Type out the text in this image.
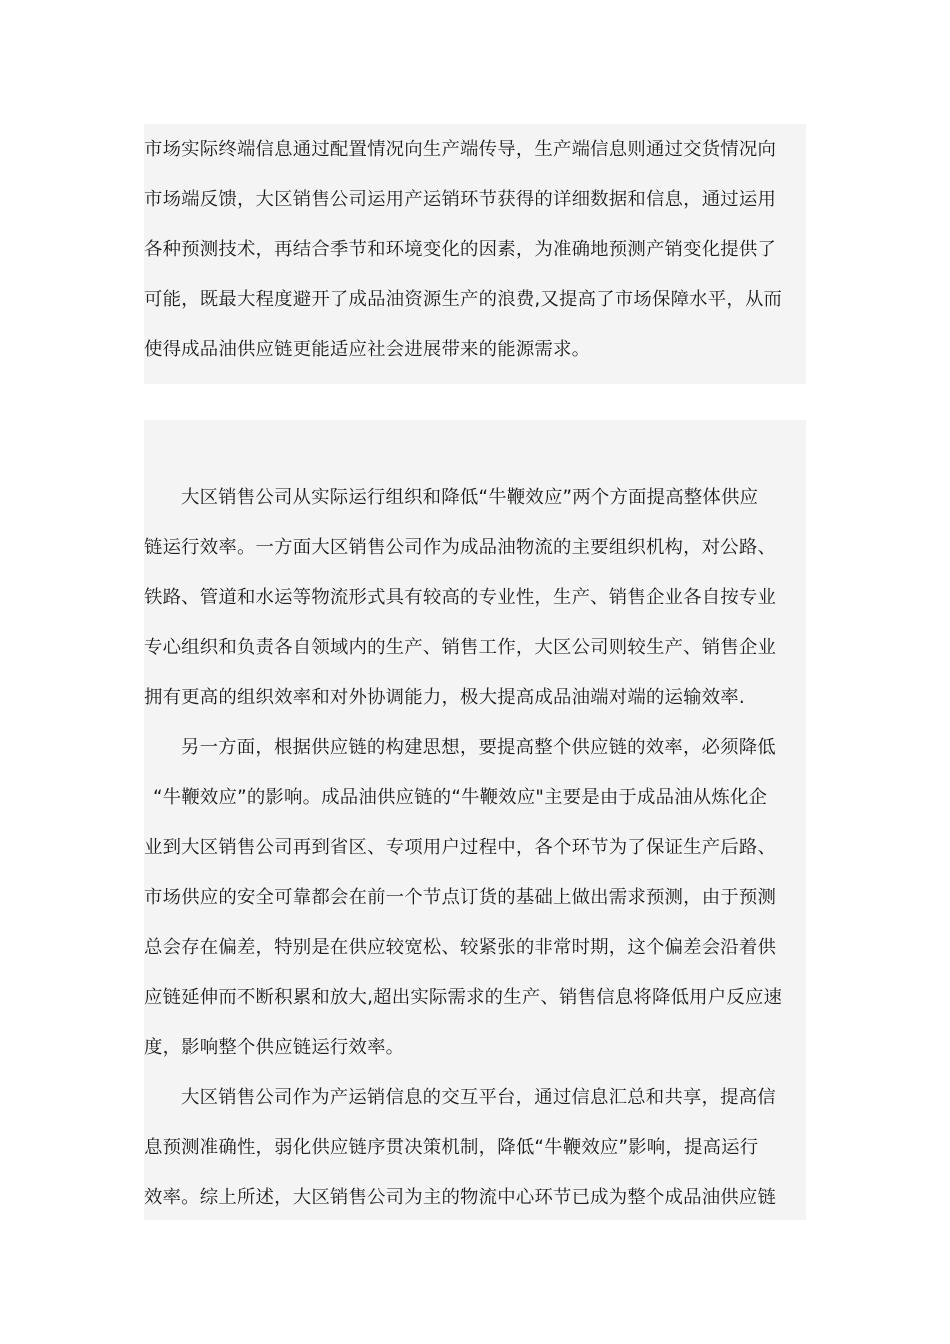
市场实际终端信息通过配置情况向生产端传导，生产端信息则通过交货情况向
市场端反馈，大区销售公司运用产运销环节获得的详细数据和信息，通过运用
各种预测技术，再结合季节和环境变化的因素，为准确地预测产销变化提供了
可能，既最大程度避开了成品油资源生产的浪费,又提高了市场保障水平，从而
使得成品油供应链更能适应社会进展带来的能源需求。
大区销售公司从实际运行组织和降低“牛鞭效应”两个方面提高整体供应
链运行效率。一方面大区销售公司作为成品油物流的主要组织机构，对公路、
铁路、管道和水运等物流形式具有较高的专业性，生产、销售企业各自按专业
专心组织和负责各自领域内的生产、销售工作，大区公司则较生产、销售企业
拥有更高的组织效率和对外协调能力，极大提高成品油端对端的运输效率.
另一方面，根据供应链的构建思想，要提高整个供应链的效率，必须降低
“牛鞭效应”的影响。成品油供应链的“牛鞭效应"主要是由于成品油从炼化企
业到大区销售公司再到省区、专项用户过程中，各个环节为了保证生产后路、
市场供应的安全可靠都会在前一个节点订货的基础上做出需求预测，由于预测
总会存在偏差，特别是在供应较宽松、较紧张的非常时期，这个偏差会沿着供
应链延伸而不断积累和放大,超出实际需求的生产、销售信息将降低用户反应速
度，影响整个供应链运行效率。
大区销售公司作为产运销信息的交互平台，通过信息汇总和共享，提高信
息预测准确性，弱化供应链序贯决策机制，降低“牛鞭效应”影响，提高运行
效率。综上所述，大区销售公司为主的物流中心环节已成为整个成品油供应链
